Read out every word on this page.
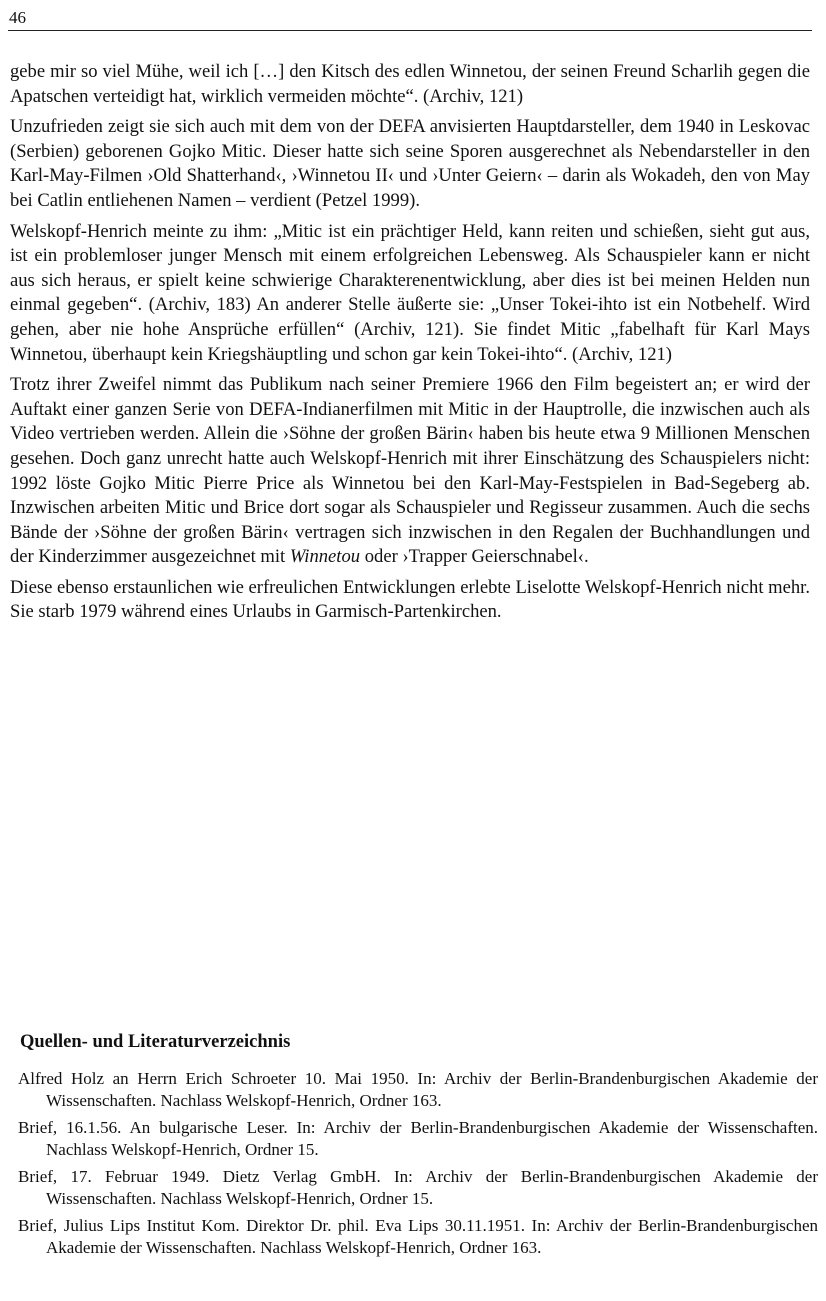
46

gebe mir so viel Mühe, weil ich […] den Kitsch des edlen Winnetou, der seinen Freund Scharlih gegen die Apatschen verteidigt hat, wirklich vermeiden möchte“. (Archiv, 121)

Unzufrieden zeigt sie sich auch mit dem von der DEFA anvisierten Hauptdarsteller, dem 1940 in Leskovac (Serbien) geborenen Gojko Mitic. Dieser hatte sich seine Sporen ausgerechnet als Nebendarsteller in den Karl-May-Filmen ›Old Shatterhand‹, ›Winnetou II‹ und ›Unter Geiern‹ – darin als Wokadeh, den von May bei Catlin entliehenen Namen – verdient (Petzel 1999).

Welskopf-Henrich meinte zu ihm: „Mitic ist ein prächtiger Held, kann reiten und schießen, sieht gut aus, ist ein problemloser junger Mensch mit einem erfolgreichen Lebensweg. Als Schauspieler kann er nicht aus sich heraus, er spielt keine schwierige Charakterenentwicklung, aber dies ist bei meinen Helden nun einmal gegeben“. (Archiv, 183) An anderer Stelle äußerte sie: „Unser Tokei-ihto ist ein Notbehelf. Wird gehen, aber nie hohe Ansprüche erfüllen“ (Archiv, 121). Sie findet Mitic „fabelhaft für Karl Mays Winnetou, überhaupt kein Kriegshäuptling und schon gar kein Tokei-ihto“. (Archiv, 121)

Trotz ihrer Zweifel nimmt das Publikum nach seiner Premiere 1966 den Film begeistert an; er wird der Auftakt einer ganzen Serie von DEFA-Indianerfilmen mit Mitic in der Hauptrolle, die inzwischen auch als Video vertrieben werden. Allein die ›Söhne der großen Bärin‹ haben bis heute etwa 9 Millionen Menschen gesehen. Doch ganz unrecht hatte auch Welskopf-Henrich mit ihrer Einschätzung des Schauspielers nicht: 1992 löste Gojko Mitic Pierre Price als Winnetou bei den Karl-May-Festspielen in Bad-Segeberg ab. Inzwischen arbeiten Mitic und Brice dort sogar als Schauspieler und Regisseur zusammen. Auch die sechs Bände der ›Söhne der großen Bärin‹ vertragen sich inzwischen in den Regalen der Buchhandlungen und der Kinderzimmer ausgezeichnet mit Winnetou oder ›Trapper Geierschnabel‹.

Diese ebenso erstaunlichen wie erfreulichen Entwicklungen erlebte Liselotte Welskopf-Henrich nicht mehr. Sie starb 1979 während eines Urlaubs in Garmisch-Partenkirchen.

Quellen- und Literaturverzeichnis

Alfred Holz an Herrn Erich Schroeter 10. Mai 1950. In: Archiv der Berlin-Brandenburgischen Akademie der Wissenschaften. Nachlass Welskopf-Henrich, Ordner 163.

Brief, 16.1.56. An bulgarische Leser. In: Archiv der Berlin-Brandenburgischen Akademie der Wissenschaften. Nachlass Welskopf-Henrich, Ordner 15.

Brief, 17. Februar 1949. Dietz Verlag GmbH. In: Archiv der Berlin-Brandenburgischen Akademie der Wissenschaften. Nachlass Welskopf-Henrich, Ordner 15.

Brief, Julius Lips Institut Kom. Direktor Dr. phil. Eva Lips 30.11.1951. In: Archiv der Berlin-Brandenburgischen Akademie der Wissenschaften. Nachlass Welskopf-Henrich, Ordner 163.
